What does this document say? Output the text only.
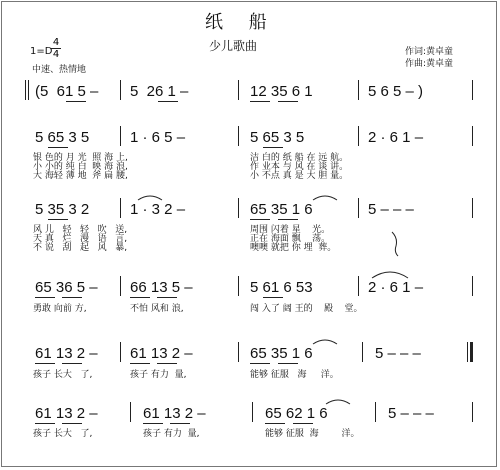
纸 船
少儿歌曲	作词:黄卓童
作曲:黄卓童
1=D
4
4
中速、热情地
(5  61 5 – 5  26 1 –	12 35 6 1	5 6 5 – )
5 65 3 5	1 · 6 5 –	5 65 3 5	2 · 6 1 –
银 色的 月 光  照 海 上,
小 小的 纯 白  映 海 浪,
大 海轻 薄 地  斧 扁 腰,
洁 白的 纸 船 在 远 航。
作 业本 与 风 在 谈 讲。
小 不点 真 是 大 胆 量。
5 35 3 2	1 · 3 2 –	65 35 1 6	5 – – –
风 儿   轻   轻   吹   送,
天 真   烂   漫   语   言,
不 说   刮   起   风   暴,
周围 闪着 星    光。
正在 海面 飘    荡。
噢噢 就把 你 埋  葬。
65 36 5 – 66 13 5 –	5 61 6 53	2 · 6 1 –
勇敢 向前 方,	不怕 风和 浪,	闯 入了 阔 王的    殿    堂。
61 13 2 – 61 13 2 –	65 35 1 6	5 – – –
孩子 长大   了,	孩子 有力  量,	能够 征服   海     洋。
61 13 2 –	61 13 2 –	65 62 1 6	5 – – –
孩子 长大   了,	孩子 有力  量,	能够 征服  海        洋。
